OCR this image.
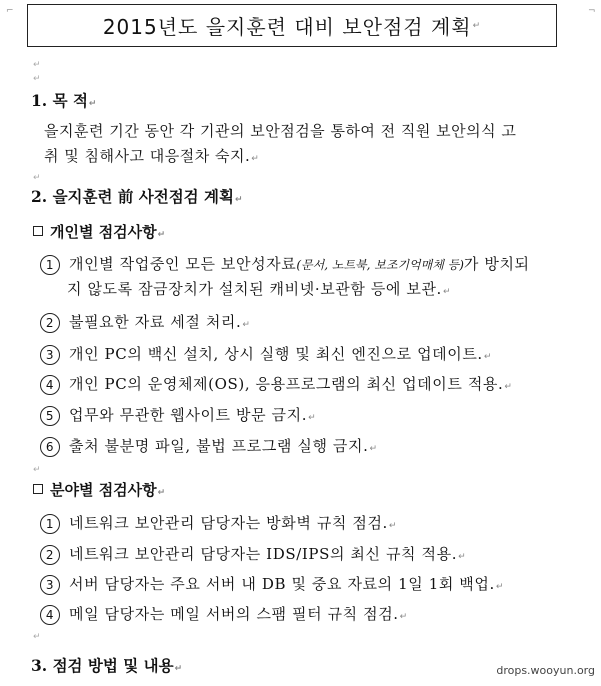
2015년도 을지훈련 대비 보안점검 계획 ↵
⌐	¬
↵
↵
1. 목 적↵
을지훈련 기간 동안 각 기관의 보안점검을 통하여 전 직원 보안의식 고
취 및 침해사고 대응절차 숙지.↵
↵
2. 을지훈련 前 사전점검 계획↵
개인별 점검사항↵
1 개인별 작업중인 모든 보안성자료(문서, 노트북, 보조기억매체 등)가 방치되
지 않도록 잠금장치가 설치된 캐비넷·보관함 등에 보관.↵
2 불필요한 자료 세절 처리.↵
3 개인 PC의 백신 설치, 상시 실행 및 최신 엔진으로 업데이트.↵
4 개인 PC의 운영체제(OS), 응용프로그램의 최신 업데이트 적용.↵
5 업무와 무관한 웹사이트 방문 금지.↵
6 출처 불분명 파일, 불법 프로그램 실행 금지.↵
↵
분야별 점검사항↵
1 네트워크 보안관리 담당자는 방화벽 규칙 점검.↵
2 네트워크 보안관리 담당자는 IDS/IPS의 최신 규칙 적용.↵
3 서버 담당자는 주요 서버 내 DB 및 중요 자료의 1일 1회 백업.↵
4 메일 담당자는 메일 서버의 스팸 필터 규칙 점검.↵
↵
3. 점검 방법 및 내용↵	drops.wooyun.org
